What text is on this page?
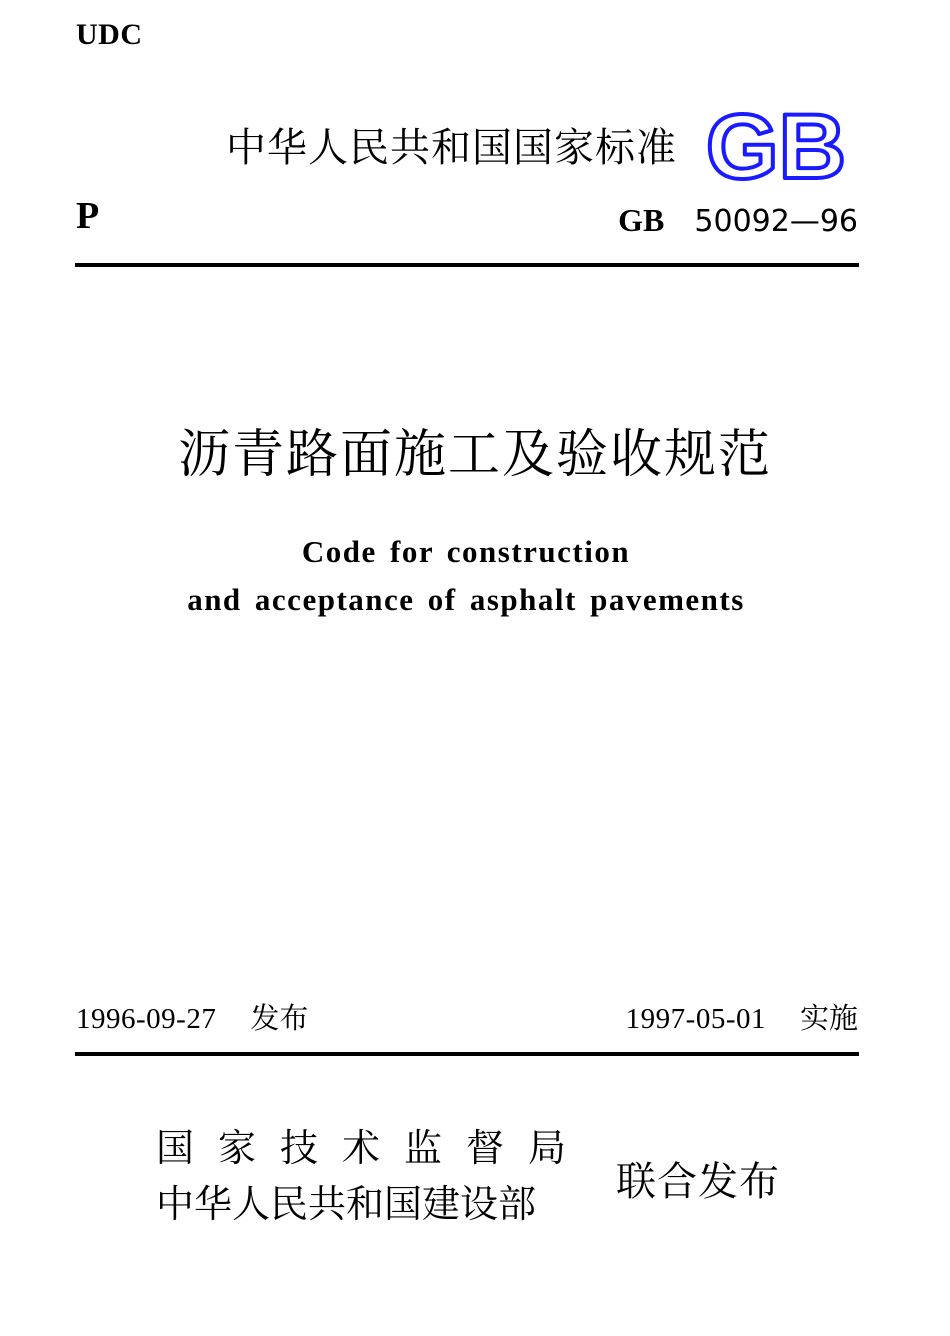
UDC
中华人民共和国国家标准 GB
P	GB 50092—96
沥青路面施工及验收规范
Code for construction
and acceptance of asphalt pavements
1996-09-27 发布	1997-05-01 实施
国家技术监督局
中华人民共和国建设部	联合发布
